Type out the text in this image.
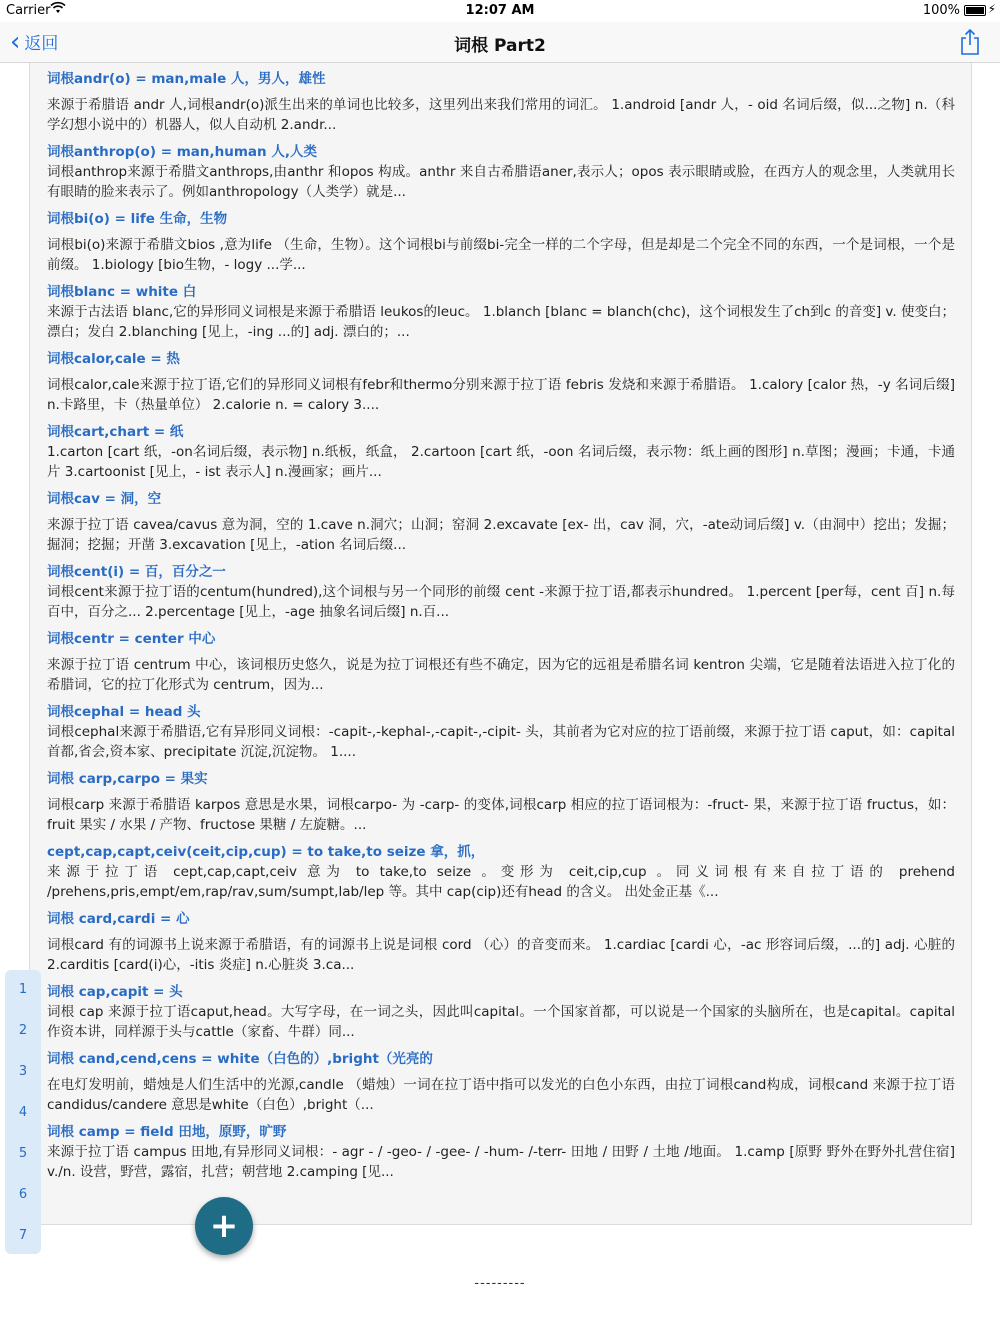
Carrier	12:07 AM	100% ⚡
‹ 返回	词根 Part2
词根andr(o) = man,male 人，男人，雄性
来源于希腊语 andr 人,词根andr(o)派生出来的单词也比较多，这里列出来我们常用的词汇。 1.android [andr 人，- oid 名词后缀，似...之物] n.（科学幻想小说中的）机器人，似人自动机 2.andr...
词根anthrop(o) = man,human 人,人类
词根anthrop来源于希腊文anthrops,由anthr 和opos 构成。anthr 来自古希腊语aner,表示人；opos 表示眼睛或脸，在西方人的观念里，人类就用长有眼睛的脸来表示了。例如anthropology（人类学）就是...
词根bi(o) = life 生命，生物
词根bi(o)来源于希腊文bios ,意为life （生命，生物）。这个词根bi与前缀bi-完全一样的二个字母，但是却是二个完全不同的东西，一个是词根，一个是前缀。 1.biology [bio生物，- logy ...学...
词根blanc = white 白
来源于古法语 blanc,它的异形同义词根是来源于希腊语 leukos的leuc。 1.blanch [blanc = blanch(chc)，这个词根发生了ch到c 的音变] v. 使变白；漂白；发白 2.blanching [见上，-ing ...的] adj. 漂白的；...
词根calor,cale = 热
词根calor,cale来源于拉丁语,它们的异形同义词根有febr和thermo分别来源于拉丁语 febris 发烧和来源于希腊语。 1.calory [calor 热，-y 名词后缀] n.卡路里，卡（热量单位） 2.calorie n. = calory 3....
词根cart,chart = 纸
1.carton [cart 纸，-on名词后缀，表示物] n.纸板，纸盒， 2.cartoon [cart 纸，-oon 名词后缀，表示物：纸上画的图形] n.草图；漫画；卡通，卡通片 3.cartoonist [见上，- ist 表示人] n.漫画家；画片...
词根cav = 洞，空
来源于拉丁语 cavea/cavus 意为洞，空的 1.cave n.洞穴；山洞；窑洞 2.excavate [ex- 出，cav 洞，穴，-ate动词后缀] v.（由洞中）挖出；发掘；掘洞；挖掘；开凿 3.excavation [见上，-ation 名词后缀...
词根cent(i) = 百，百分之一
词根cent来源于拉丁语的centum(hundred),这个词根与另一个同形的前缀 cent -来源于拉丁语,都表示hundred。 1.percent [per每，cent 百] n.每百中，百分之... 2.percentage [见上，-age 抽象名词后缀] n.百...
词根centr = center 中心
来源于拉丁语 centrum 中心，该词根历史悠久，说是为拉丁词根还有些不确定，因为它的远祖是希腊名词 kentron 尖端，它是随着法语进入拉丁化的希腊词，它的拉丁化形式为 centrum，因为...
词根cephal = head 头
词根cephal来源于希腊语,它有异形同义词根：-capit-,-kephal-,-capit-,-cipit- 头，其前者为它对应的拉丁语前缀，来源于拉丁语 caput，如：capital 首都,省会,资本家、precipitate 沉淀,沉淀物。 1....
词根 carp,carpo = 果实
词根carp 来源于希腊语 karpos 意思是水果，词根carpo- 为 -carp- 的变体,词根carp 相应的拉丁语词根为：-fruct- 果，来源于拉丁语 fructus，如：fruit 果实 / 水果 / 产物、fructose 果糖 / 左旋糖。...
cept,cap,capt,ceiv(ceit,cip,cup) = to take,to seize 拿，抓，
来源于拉丁语 cept,cap,capt,ceiv 意为 to take,to seize 。变形为 ceit,cip,cup 。同义词根有来自拉丁语的 prehend /prehens,pris,empt/em,rap/rav,sum/sumpt,lab/lep 等。其中 cap(cip)还有head 的含义。 出处金正基《...
词根 card,cardi = 心
词根card 有的词源书上说来源于希腊语，有的词源书上说是词根 cord （心）的音变而来。 1.cardiac [cardi 心，-ac 形容词后缀，...的] adj. 心脏的 2.carditis [card(i)心，-itis 炎症] n.心脏炎 3.ca...
词根 cap,capit = 头
词根 cap 来源于拉丁语caput,head。大写字母，在一词之头，因此叫capital。一个国家首都，可以说是一个国家的头脑所在，也是capital。capital 作资本讲，同样源于头与cattle（家畜、牛群）同...
词根 cand,cend,cens = white（白色的）,bright（光亮的
在电灯发明前，蜡烛是人们生活中的光源,candle （蜡烛）一词在拉丁语中指可以发光的白色小东西，由拉丁词根cand构成，词根cand 来源于拉丁语candidus/candere 意思是white（白色）,bright（...
词根 camp = field 田地，原野，旷野
来源于拉丁语 campus 田地,有异形同义词根：- agr - / -geo- / -gee- / -hum- /-terr- 田地 / 田野 / 土地 /地面。 1.camp [原野 野外在野外扎营住宿] v./n. 设营，野营，露宿，扎营；朝营地 2.camping [见...
1
2
3
4
5
6
7	+
---------
